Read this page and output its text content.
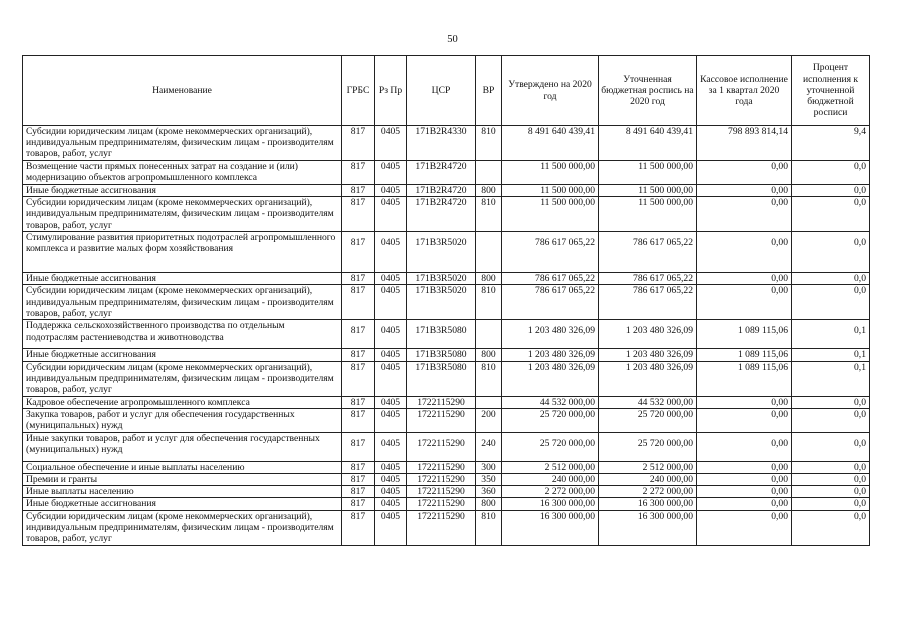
50
Наименование	ГРБС	Рз Пр	ЦСР	ВР	Утверждено на 2020 год	Уточненная бюджетная роспись на 2020 год	Кассовое исполнение за 1 квартал 2020 года	Процент исполнения к уточненной бюджетной росписи
Субсидии юридическим лицам (кроме некоммерческих организаций), индивидуальным предпринимателям, физическим лицам - производителям товаров, работ, услуг	817	0405	171B2R4330	810	8 491 640 439,41	8 491 640 439,41	798 893 814,14	9,4
Возмещение части прямых понесенных затрат на создание и (или) модернизацию объектов агропромышленного комплекса	817	0405	171B2R4720		11 500 000,00	11 500 000,00	0,00	0,0
Иные бюджетные ассигнования	817	0405	171B2R4720	800	11 500 000,00	11 500 000,00	0,00	0,0
Субсидии юридическим лицам (кроме некоммерческих организаций), индивидуальным предпринимателям, физическим лицам - производителям товаров, работ, услуг	817	0405	171B2R4720	810	11 500 000,00	11 500 000,00	0,00	0,0
Стимулирование развития приоритетных подотраслей агропромышленного комплекса и развитие малых форм хозяйствования	817	0405	171B3R5020		786 617 065,22	786 617 065,22	0,00	0,0
Иные бюджетные ассигнования	817	0405	171B3R5020	800	786 617 065,22	786 617 065,22	0,00	0,0
Субсидии юридическим лицам (кроме некоммерческих организаций), индивидуальным предпринимателям, физическим лицам - производителям товаров, работ, услуг	817	0405	171B3R5020	810	786 617 065,22	786 617 065,22	0,00	0,0
Поддержка сельскохозяйственного производства по отдельным подотраслям растениеводства и животноводства	817	0405	171B3R5080		1 203 480 326,09	1 203 480 326,09	1 089 115,06	0,1
Иные бюджетные ассигнования	817	0405	171B3R5080	800	1 203 480 326,09	1 203 480 326,09	1 089 115,06	0,1
Субсидии юридическим лицам (кроме некоммерческих организаций), индивидуальным предпринимателям, физическим лицам - производителям товаров, работ, услуг	817	0405	171B3R5080	810	1 203 480 326,09	1 203 480 326,09	1 089 115,06	0,1
Кадровое обеспечение агропромышленного комплекса	817	0405	1722115290		44 532 000,00	44 532 000,00	0,00	0,0
Закупка товаров, работ и услуг для обеспечения государственных (муниципальных) нужд	817	0405	1722115290	200	25 720 000,00	25 720 000,00	0,00	0,0
Иные закупки товаров, работ и услуг для обеспечения государственных (муниципальных) нужд	817	0405	1722115290	240	25 720 000,00	25 720 000,00	0,00	0,0
Социальное обеспечение и иные выплаты населению	817	0405	1722115290	300	2 512 000,00	2 512 000,00	0,00	0,0
Премии и гранты	817	0405	1722115290	350	240 000,00	240 000,00	0,00	0,0
Иные выплаты населению	817	0405	1722115290	360	2 272 000,00	2 272 000,00	0,00	0,0
Иные бюджетные ассигнования	817	0405	1722115290	800	16 300 000,00	16 300 000,00	0,00	0,0
Субсидии юридическим лицам (кроме некоммерческих организаций), индивидуальным предпринимателям, физическим лицам - производителям товаров, работ, услуг	817	0405	1722115290	810	16 300 000,00	16 300 000,00	0,00	0,0
